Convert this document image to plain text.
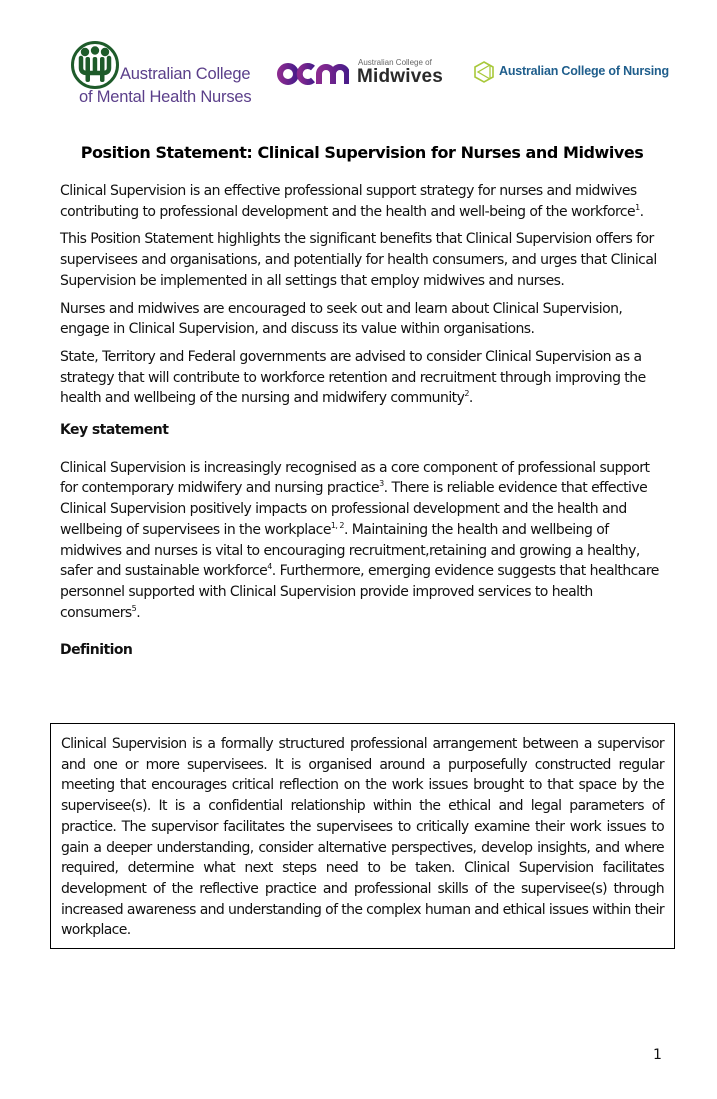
Australian College
of Mental Health Nurses
Australian College of
Midwives	Australian College of Nursing
Position Statement: Clinical Supervision for Nurses and Midwives

Clinical Supervision is an effective professional support strategy for nurses and midwives contributing to professional development and the health and well-being of the workforce$^1$.

This Position Statement highlights the significant benefits that Clinical Supervision offers for supervisees and organisations, and potentially for health consumers, and urges that Clinical Supervision be implemented in all settings that employ midwives and nurses.

Nurses and midwives are encouraged to seek out and learn about Clinical Supervision, engage in Clinical Supervision, and discuss its value within organisations.

State, Territory and Federal governments are advised to consider Clinical Supervision as a strategy that will contribute to workforce retention and recruitment through improving the health and wellbeing of the nursing and midwifery community$^2$.

Key statement

Clinical Supervision is increasingly recognised as a core component of professional support for contemporary midwifery and nursing practice$^3$. There is reliable evidence that effective Clinical Supervision positively impacts on professional development and the health and wellbeing of supervisees in the workplace$^{1, 2}$. Maintaining the health and wellbeing of midwives and nurses is vital to encouraging recruitment,retaining and growing a healthy, safer and sustainable workforce$^4$. Furthermore, emerging evidence suggests that healthcare personnel supported with Clinical Supervision provide improved services to health consumers$^5$.

Definition

Clinical Supervision is a formally structured professional arrangement between a supervisor and one or more supervisees. It is organised around a purposefully constructed regular meeting that encourages critical reflection on the work issues brought to that space by the supervisee(s). It is a confidential relationship within the ethical and legal parameters of practice. The supervisor facilitates the supervisees to critically examine their work issues to gain a deeper understanding, consider alternative perspectives, develop insights, and where required, determine what next steps need to be taken. Clinical Supervision facilitates development of the reflective practice and professional skills of the supervisee(s) through increased awareness and understanding of the complex human and ethical issues within their workplace.

1
